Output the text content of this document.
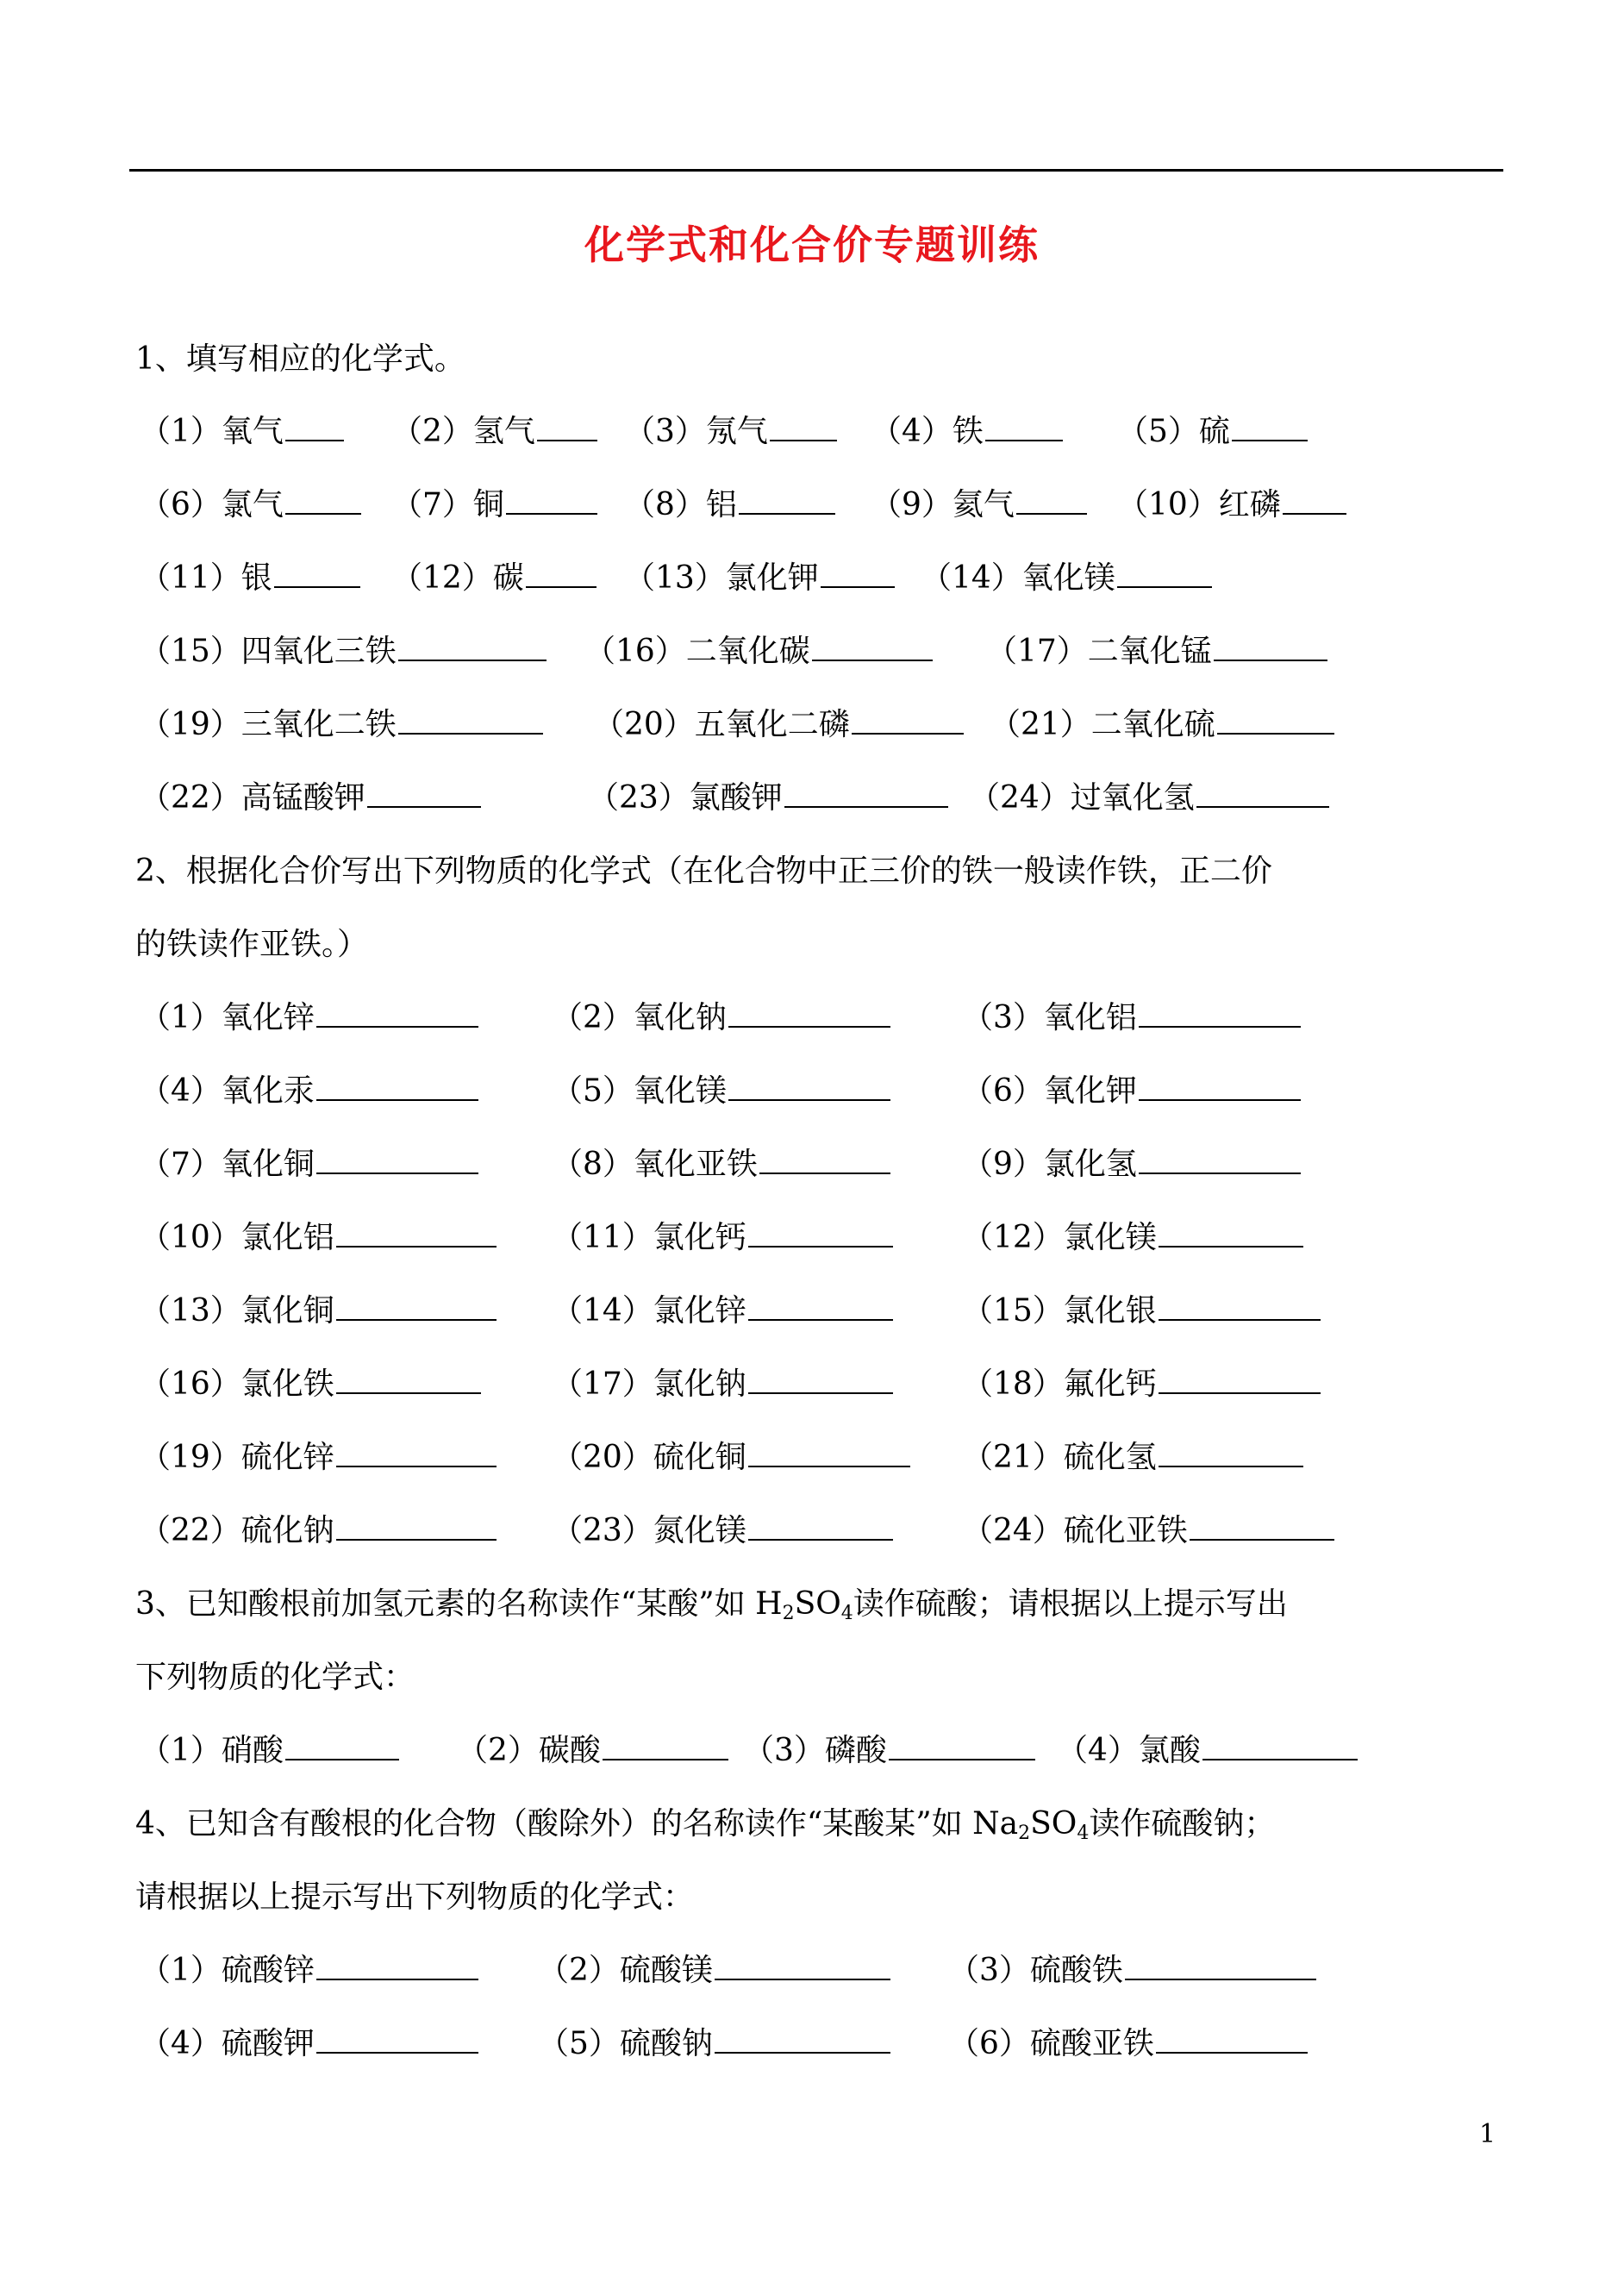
化学式和化合价专题训练
1、填写相应的化学式。
（1）氧气	（2）氢气	（3）氖气	（4）铁	（5）硫
（6）氯气	（7）铜	（8）铝	（9）氦气	（10）红磷
（11）银	（12）碳	（13）氯化钾	（14）氧化镁
（15）四氧化三铁	（16）二氧化碳	（17）二氧化锰
（19）三氧化二铁	（20）五氧化二磷	（21）二氧化硫
（22）高锰酸钾	（23）氯酸钾	（24）过氧化氢
2、根据化合价写出下列物质的化学式（在化合物中正三价的铁一般读作铁，正二价
的铁读作亚铁。）
（1）氧化锌	（2）氧化钠	（3）氧化铝
（4）氧化汞	（5）氧化镁	（6）氧化钾
（7）氧化铜	（8）氧化亚铁	（9）氯化氢
（10）氯化铝	（11）氯化钙	（12）氯化镁
（13）氯化铜	（14）氯化锌	（15）氯化银
（16）氯化铁	（17）氯化钠	（18）氟化钙
（19）硫化锌	（20）硫化铜	（21）硫化氢
（22）硫化钠	（23）氮化镁	（24）硫化亚铁
3、已知酸根前加氢元素的名称读作“某酸”如 $H_2SO_4$读作硫酸；请根据以上提示写出
下列物质的化学式：
（1）硝酸	（2）碳酸	（3）磷酸	（4）氯酸
4、已知含有酸根的化合物（酸除外）的名称读作“某酸某”如 $Na_2SO_4$读作硫酸钠；
请根据以上提示写出下列物质的化学式：
（1）硫酸锌	（2）硫酸镁	（3）硫酸铁
（4）硫酸钾	（5）硫酸钠	（6）硫酸亚铁
1
